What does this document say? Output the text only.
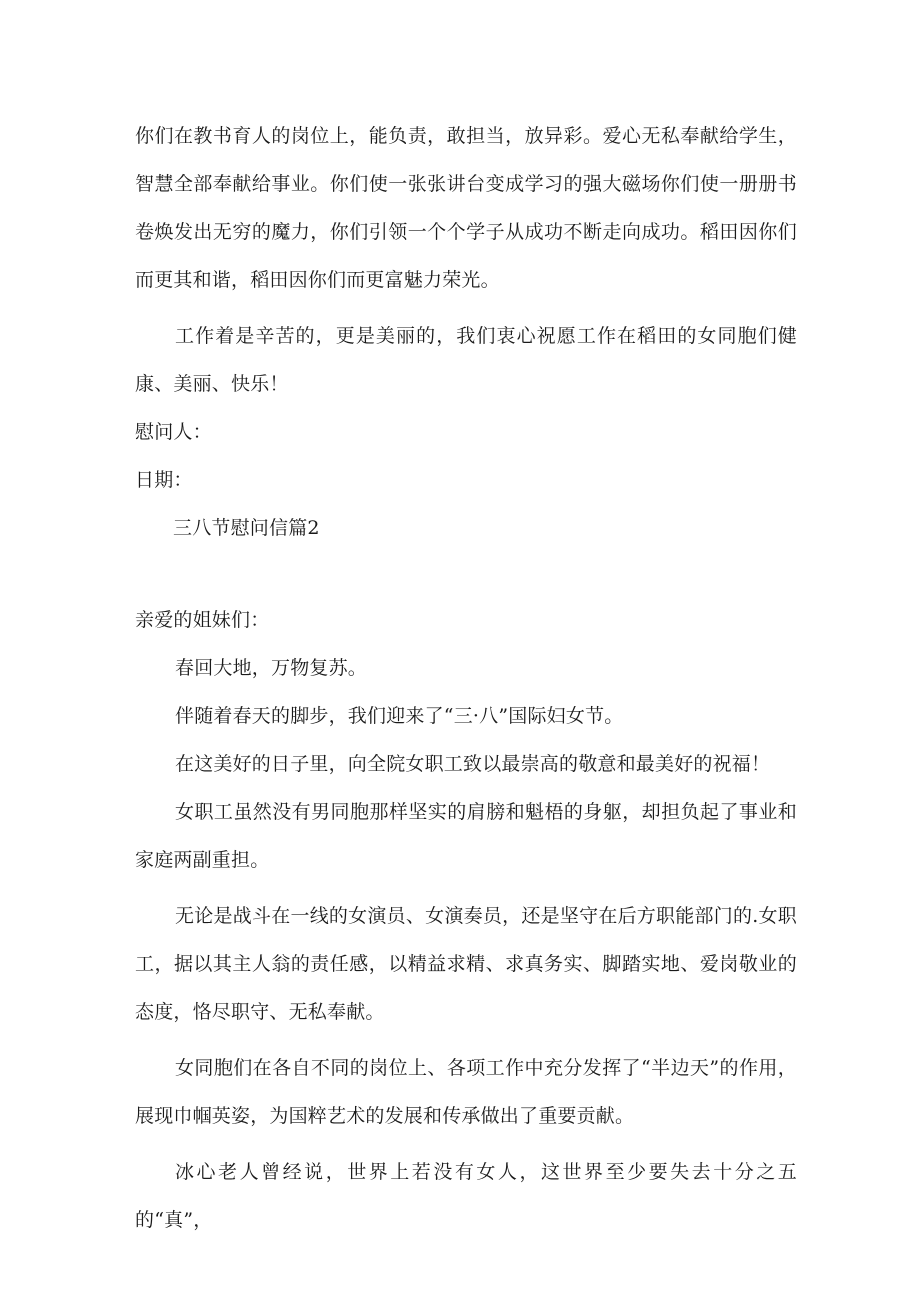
你们在教书育人的岗位上，能负责，敢担当，放异彩。爱心无私奉献给学生，智慧全部奉献给事业。你们使一张张讲台变成学习的强大磁场你们使一册册书卷焕发出无穷的魔力，你们引领一个个学子从成功不断走向成功。稻田因你们而更其和谐，稻田因你们而更富魅力荣光。

工作着是辛苦的，更是美丽的，我们衷心祝愿工作在稻田的女同胞们健康、美丽、快乐！

慰问人：

日期：

三八节慰问信篇2

亲爱的姐妹们：

春回大地，万物复苏。

伴随着春天的脚步，我们迎来了“三·八”国际妇女节。

在这美好的日子里，向全院女职工致以最崇高的敬意和最美好的祝福！

女职工虽然没有男同胞那样坚实的肩膀和魁梧的身躯，却担负起了事业和家庭两副重担。

无论是战斗在一线的女演员、女演奏员，还是坚守在后方职能部门的.女职工，据以其主人翁的责任感，以精益求精、求真务实、脚踏实地、爱岗敬业的态度，恪尽职守、无私奉献。

女同胞们在各自不同的岗位上、各项工作中充分发挥了“半边天”的作用，展现巾帼英姿，为国粹艺术的发展和传承做出了重要贡献。

冰心老人曾经说，世界上若没有女人，这世界至少要失去十分之五的“真”，
